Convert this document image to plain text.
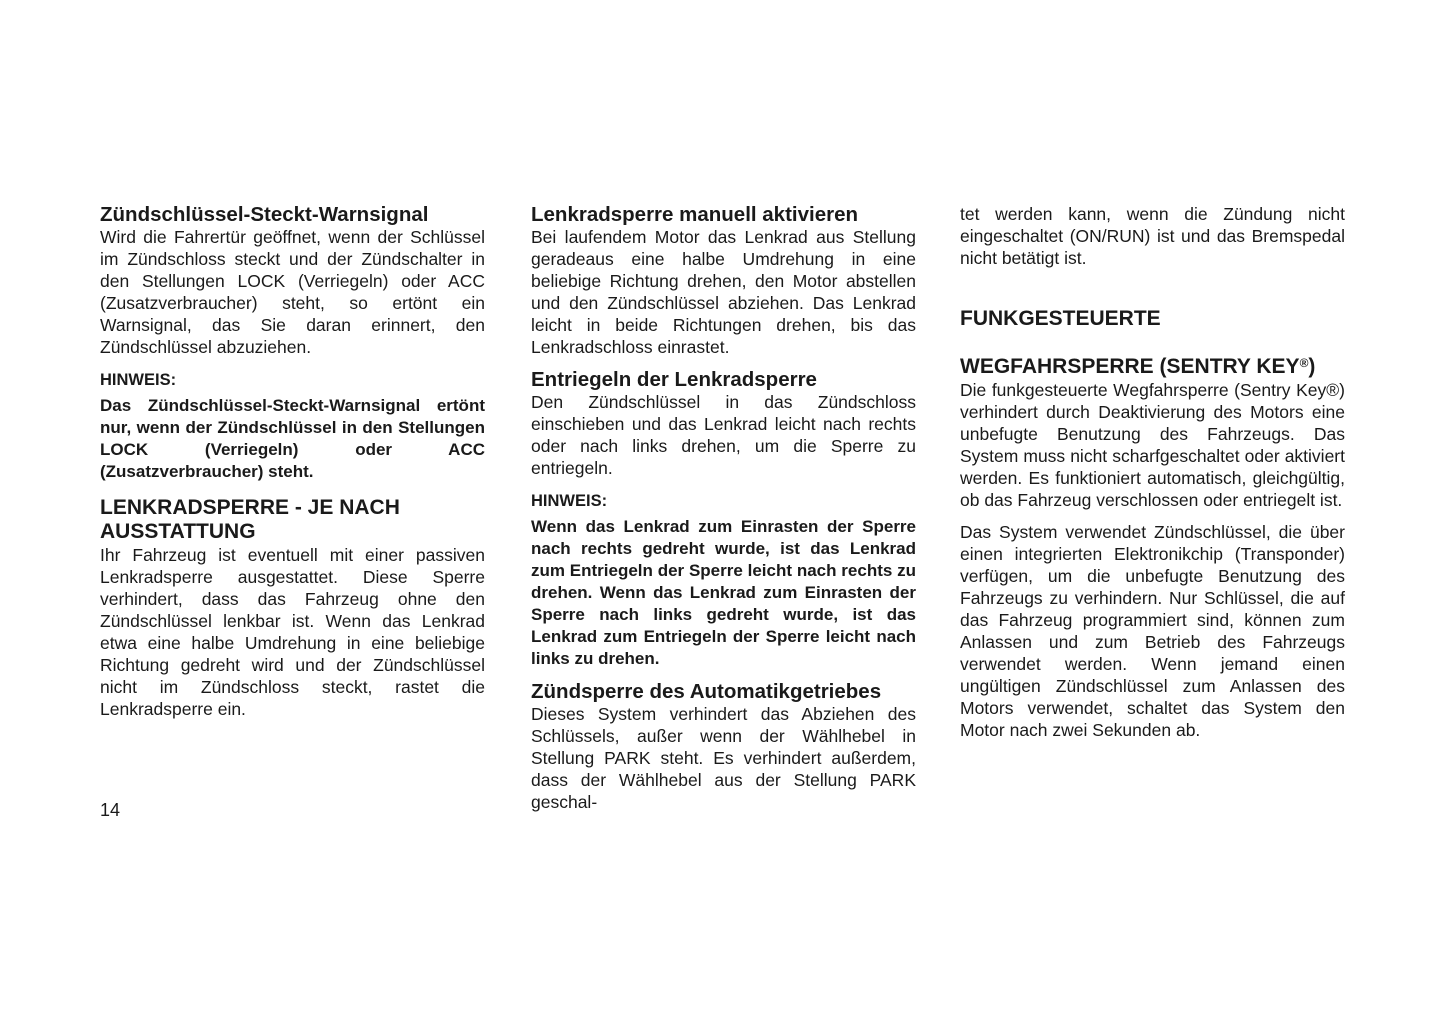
Zündschlüssel-Steckt-Warnsignal

Wird die Fahrertür geöffnet, wenn der Schlüssel im Zündschloss steckt und der Zündschalter in den Stellungen LOCK (Verriegeln) oder ACC (Zusatzverbraucher) steht, so ertönt ein Warnsignal, das Sie daran erinnert, den Zündschlüssel abzuziehen.

HINWEIS:

Das Zündschlüssel-Steckt-Warnsignal ertönt nur, wenn der Zündschlüssel in den Stellungen LOCK (Verriegeln) oder ACC (Zusatzverbraucher) steht.

LENKRADSPERRE - JE NACH
AUSSTATTUNG

Ihr Fahrzeug ist eventuell mit einer passiven Lenkradsperre ausgestattet. Diese Sperre verhindert, dass das Fahrzeug ohne den Zündschlüssel lenkbar ist. Wenn das Lenkrad etwa eine halbe Umdrehung in eine beliebige Richtung gedreht wird und der Zündschlüssel nicht im Zündschloss steckt, rastet die Lenkradsperre ein.

Lenkradsperre manuell aktivieren

Bei laufendem Motor das Lenkrad aus Stellung geradeaus eine halbe Umdrehung in eine beliebige Richtung drehen, den Motor abstellen und den Zündschlüssel abziehen. Das Lenkrad leicht in beide Richtungen drehen, bis das Lenkradschloss einrastet.

Entriegeln der Lenkradsperre

Den Zündschlüssel in das Zündschloss einschieben und das Lenkrad leicht nach rechts oder nach links drehen, um die Sperre zu entriegeln.

HINWEIS:

Wenn das Lenkrad zum Einrasten der Sperre nach rechts gedreht wurde, ist das Lenkrad zum Entriegeln der Sperre leicht nach rechts zu drehen. Wenn das Lenkrad zum Einrasten der Sperre nach links gedreht wurde, ist das Lenkrad zum Entriegeln der Sperre leicht nach links zu drehen.

Zündsperre des Automatikgetriebes

Dieses System verhindert das Abziehen des Schlüssels, außer wenn der Wählhebel in Stellung PARK steht. Es verhindert außerdem, dass der Wählhebel aus der Stellung PARK geschal-

tet werden kann, wenn die Zündung nicht eingeschaltet (ON/RUN) ist und das Bremspedal nicht betätigt ist.

FUNKGESTEUERTE

WEGFAHRSPERRE (SENTRY KEY®)

Die funkgesteuerte Wegfahrsperre (Sentry Key®) verhindert durch Deaktivierung des Motors eine unbefugte Benutzung des Fahrzeugs. Das System muss nicht scharfgeschaltet oder aktiviert werden. Es funktioniert automatisch, gleichgültig, ob das Fahrzeug verschlossen oder entriegelt ist.

Das System verwendet Zündschlüssel, die über einen integrierten Elektronikchip (Transponder) verfügen, um die unbefugte Benutzung des Fahrzeugs zu verhindern. Nur Schlüssel, die auf das Fahrzeug programmiert sind, können zum Anlassen und zum Betrieb des Fahrzeugs verwendet werden. Wenn jemand einen ungültigen Zündschlüssel zum Anlassen des Motors verwendet, schaltet das System den Motor nach zwei Sekunden ab.

14
